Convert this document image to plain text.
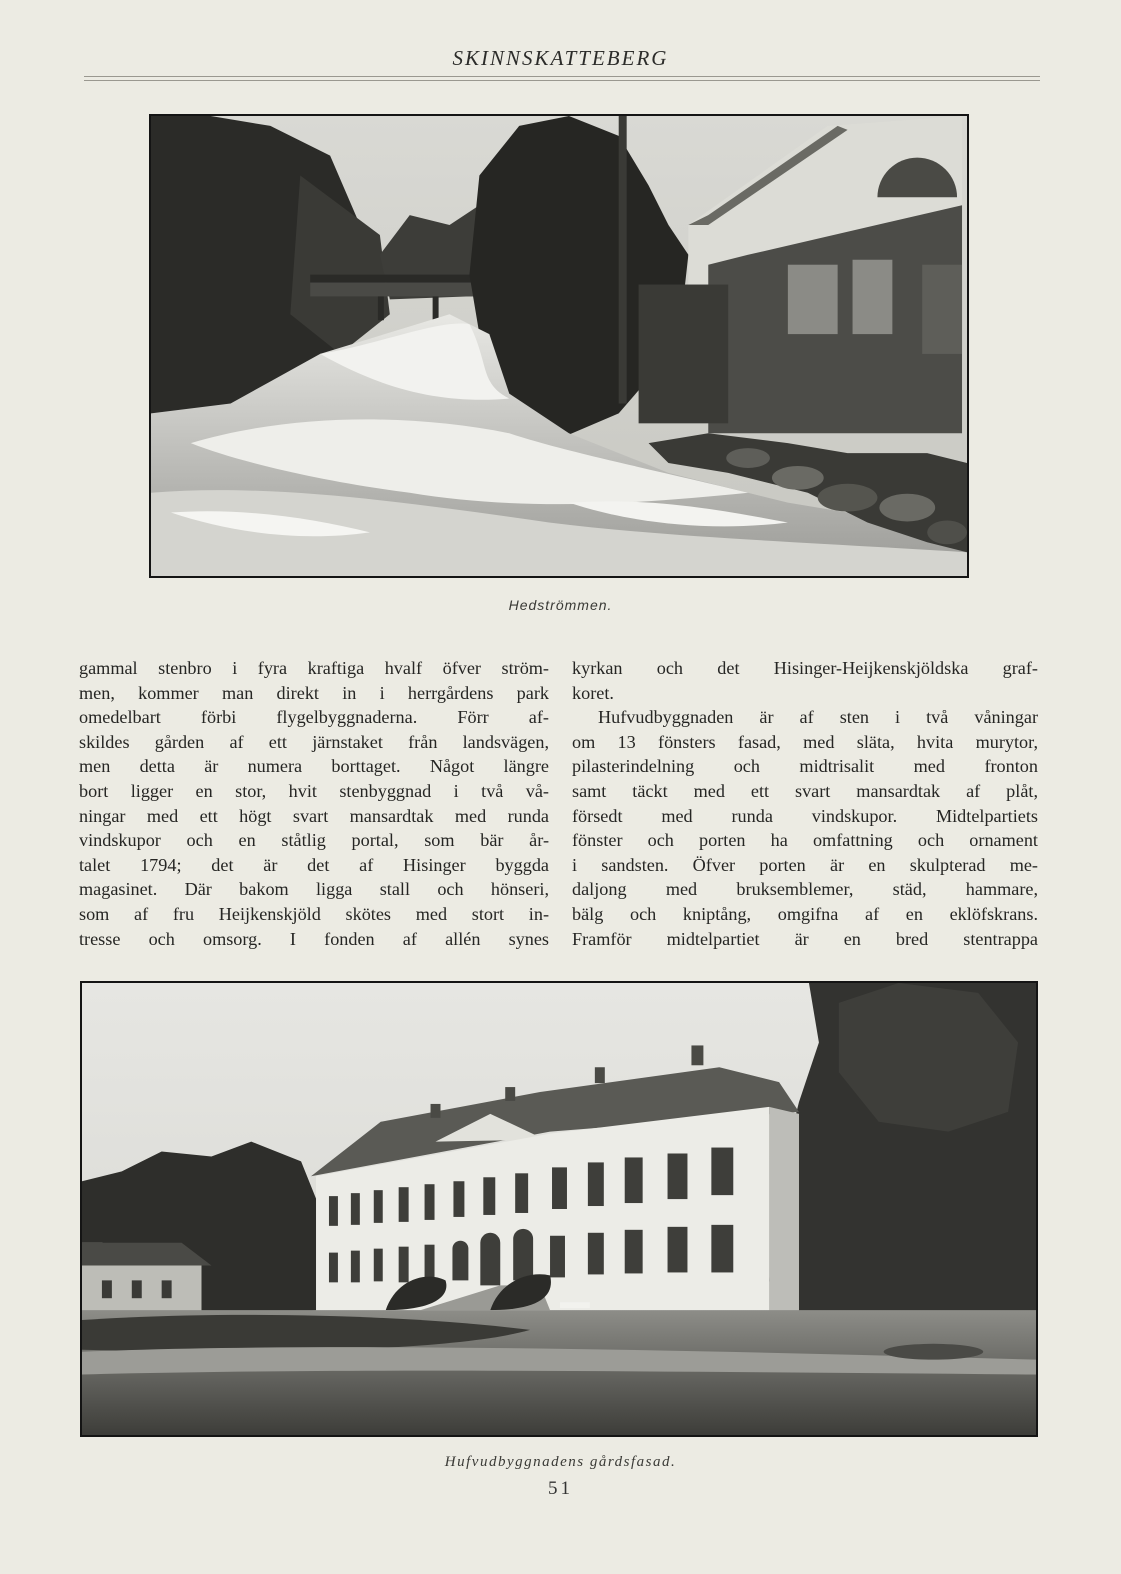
SKINNSKATTEBERG
Hedströmmen.
gammal stenbro i fyra kraftiga hvalf öfver ström-
men, kommer man direkt in i herrgårdens park
omedelbart förbi flygelbyggnaderna. Förr af-
skildes gården af ett järnstaket från landsvägen,
men detta är numera borttaget. Något längre
bort ligger en stor, hvit stenbyggnad i två vå-
ningar med ett högt svart mansardtak med runda
vindskupor och en ståtlig portal, som bär år-
talet 1794; det är det af Hisinger byggda
magasinet. Där bakom ligga stall och hönseri,
som af fru Heijkenskjöld skötes med stort in-
tresse och omsorg. I fonden af allén synes
kyrkan och det Hisinger-Heijkenskjöldska graf-
koret.
Hufvudbyggnaden är af sten i två våningar
om 13 fönsters fasad, med släta, hvita murytor,
pilasterindelning och midtrisalit med fronton
samt täckt med ett svart mansardtak af plåt,
försedt med runda vindskupor. Midtelpartiets
fönster och porten ha omfattning och ornament
i sandsten. Öfver porten är en skulpterad me-
daljong med bruksemblemer, städ, hammare,
bälg och kniptång, omgifna af en eklöfskrans.
Framför midtelpartiet är en bred stentrappa
Hufvudbyggnadens gårdsfasad.
51
